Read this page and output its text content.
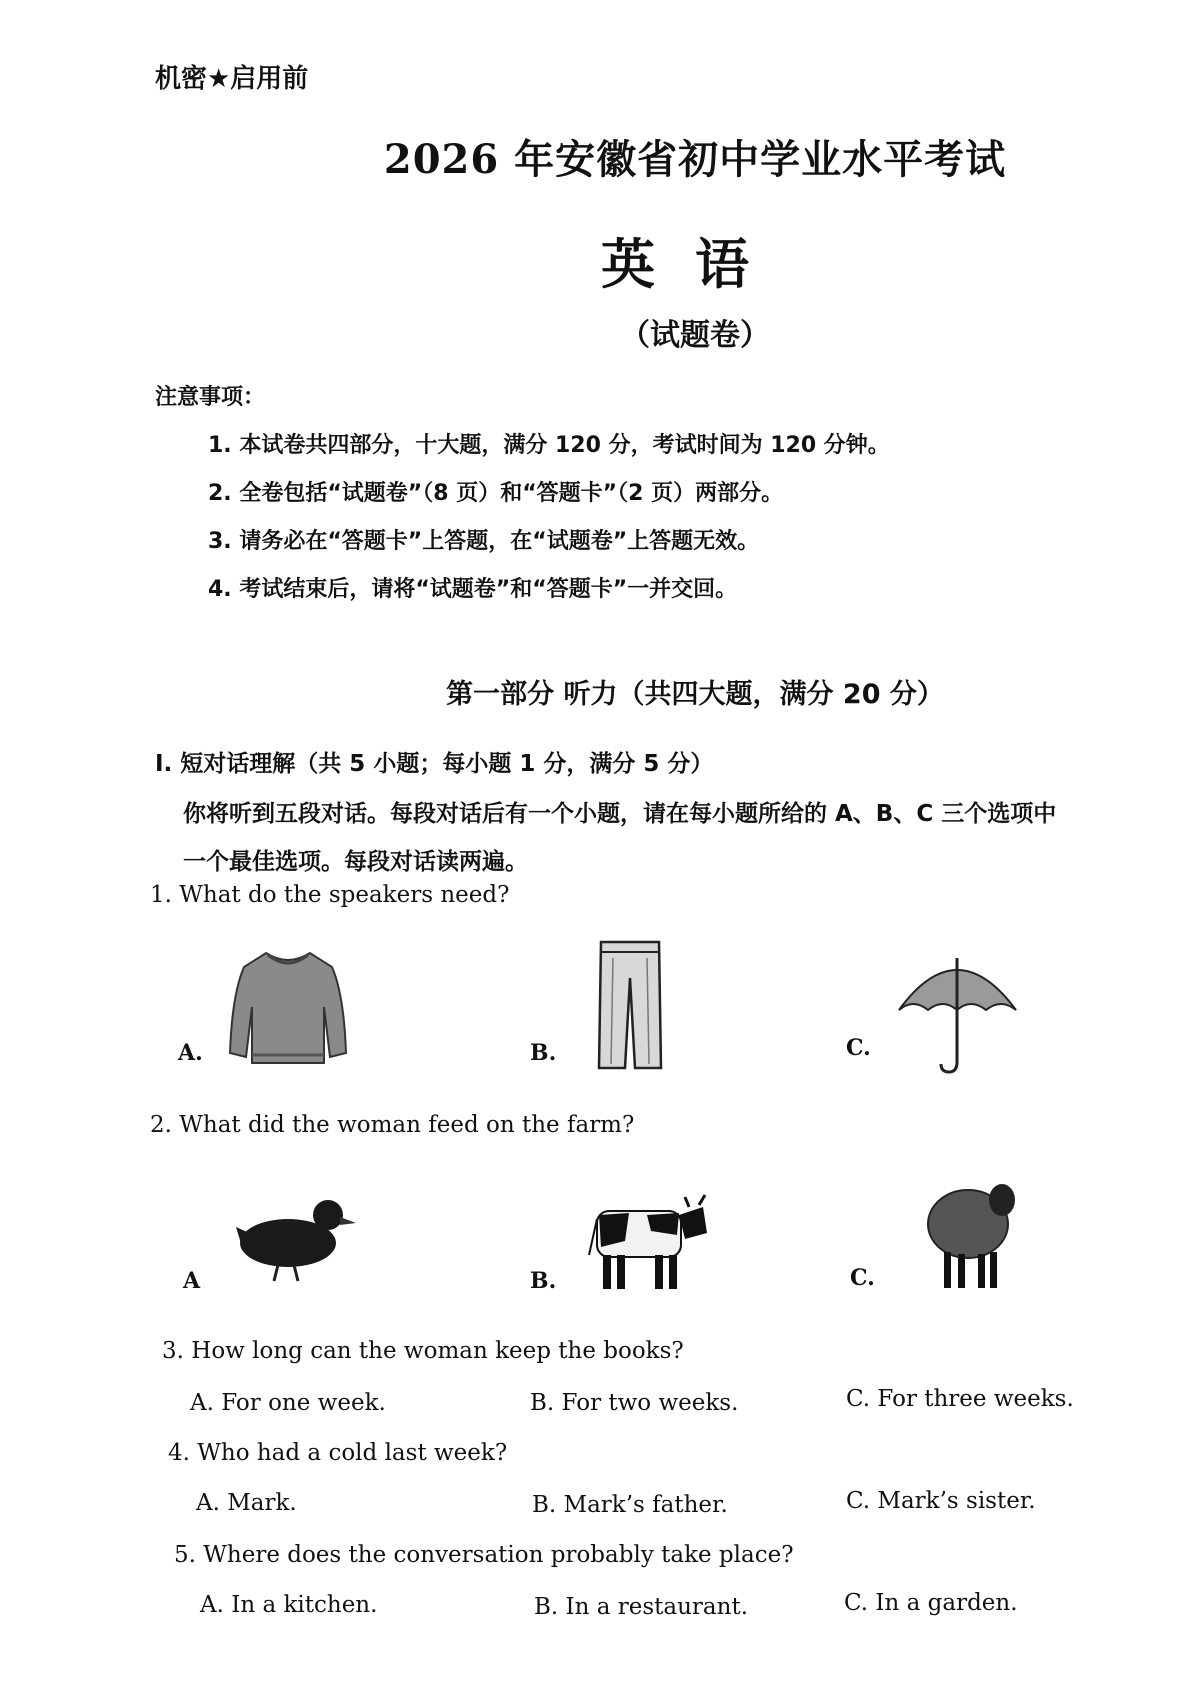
机密★启用前
2026 年安徽省初中学业水平考试
英语
（试题卷）
注意事项：
1. 本试卷共四部分，十大题，满分 120 分，考试时间为 120 分钟。
2. 全卷包括“试题卷”（8 页）和“答题卡”（2 页）两部分。
3. 请务必在“答题卡”上答题，在“试题卷”上答题无效。
4. 考试结束后，请将“试题卷”和“答题卡”一并交回。
第一部分 听力（共四大题，满分 20 分）
I. 短对话理解（共 5 小题；每小题 1 分，满分 5 分）
你将听到五段对话。每段对话后有一个小题，请在每小题所给的 A、B、C 三个选项中
一个最佳选项。每段对话读两遍。
1. What do the speakers need?
A.	B.	C.
2. What did the woman feed on the farm?
A	B.	C.
3. How long can the woman keep the books?
A. For one week.	B. For two weeks.	C. For three weeks.
4. Who had a cold last week?
A. Mark.	B. Mark’s father.	C. Mark’s sister.
5. Where does the conversation probably take place?
A. In a kitchen.	B. In a restaurant.	C. In a garden.
